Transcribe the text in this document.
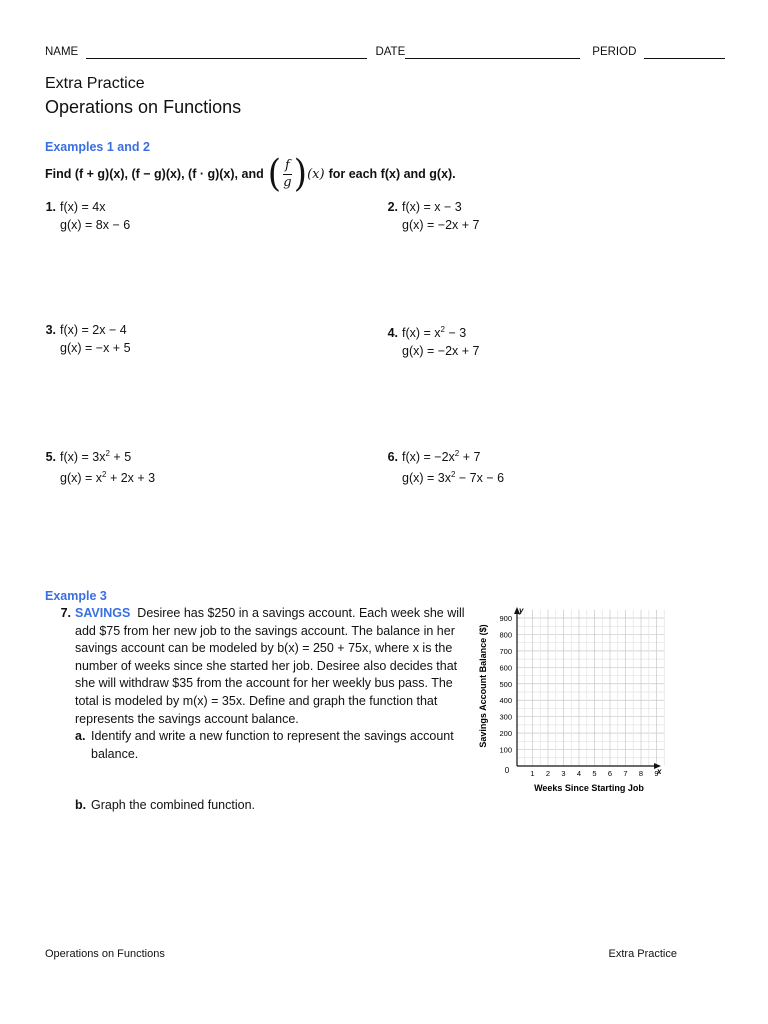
NAME	DATE	PERIOD
Extra Practice
Operations on Functions
Examples 1 and 2
Find (f + g)(x), (f − g)(x), (f · g)(x), and ( $\frac{f}{g}$ ) ( x ) for each f(x) and g(x).
1. f(x) = 4x
g(x) = 8x − 6
2. f(x) = x − 3
g(x) = −2x + 7
3. f(x) = 2x − 4
g(x) = −x + 5
4. $f(x) = x^2 - 3$
g(x) = −2x + 7
5. $f(x) = 3x^2 + 5$
$g(x) = x^2 + 2x + 3$
6. $f(x) = -2x^2 + 7$
$g(x) = 3x^2 - 7x - 6$
Example 3
7. SAVINGS Desiree has $250 in a savings account. Each week she will add $75 from her new job to the savings account. The balance in her savings account can be modeled by b(x) = 250 + 75x, where x is the number of weeks since she started her job. Desiree also decides that she will withdraw $35 from the account for her weekly bus pass. The total is modeled by m(x) = 35x. Define and graph the function that represents the savings account balance.
a. Identify and write a new function to represent the savings account balance.
b. Graph the combined function.
y
x
0
100
200
300
400
500
600
700
800
900
1 2 3 4 5 6 7 8 9
Weeks Since Starting Job
Savings Account Balance ($)
Operations on Functions	Extra Practice
